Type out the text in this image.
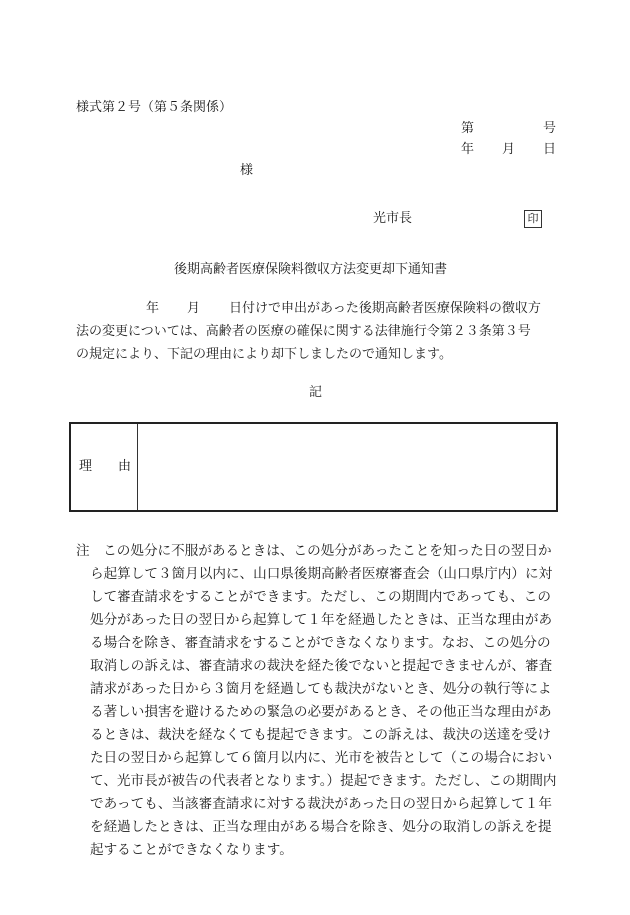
様式第２号（第５条関係）
第	号
年 月 日
様
光市長	印
後期高齢者医療保険料徴収方法変更却下通知書
年 月 日付けで申出があった後期高齢者医療保険料の徴収方
法の変更については、高齢者の医療の確保に関する法律施行令第２３条第３号
の規定により、下記の理由により却下しましたので通知します。
記
理　　由
注　この処分に不服があるときは、この処分があったことを知った日の翌日か
ら起算して３箇月以内に、山口県後期高齢者医療審査会（山口県庁内）に対
して審査請求をすることができます。ただし、この期間内であっても、この
処分があった日の翌日から起算して１年を経過したときは、正当な理由があ
る場合を除き、審査請求をすることができなくなります。なお、この処分の
取消しの訴えは、審査請求の裁決を経た後でないと提起できませんが、審査
請求があった日から３箇月を経過しても裁決がないとき、処分の執行等によ
る著しい損害を避けるための緊急の必要があるとき、その他正当な理由があ
るときは、裁決を経なくても提起できます。この訴えは、裁決の送達を受け
た日の翌日から起算して６箇月以内に、光市を被告として（この場合におい
て、光市長が被告の代表者となります。）提起できます。ただし、この期間内
であっても、当該審査請求に対する裁決があった日の翌日から起算して１年
を経過したときは、正当な理由がある場合を除き、処分の取消しの訴えを提
起することができなくなります。
